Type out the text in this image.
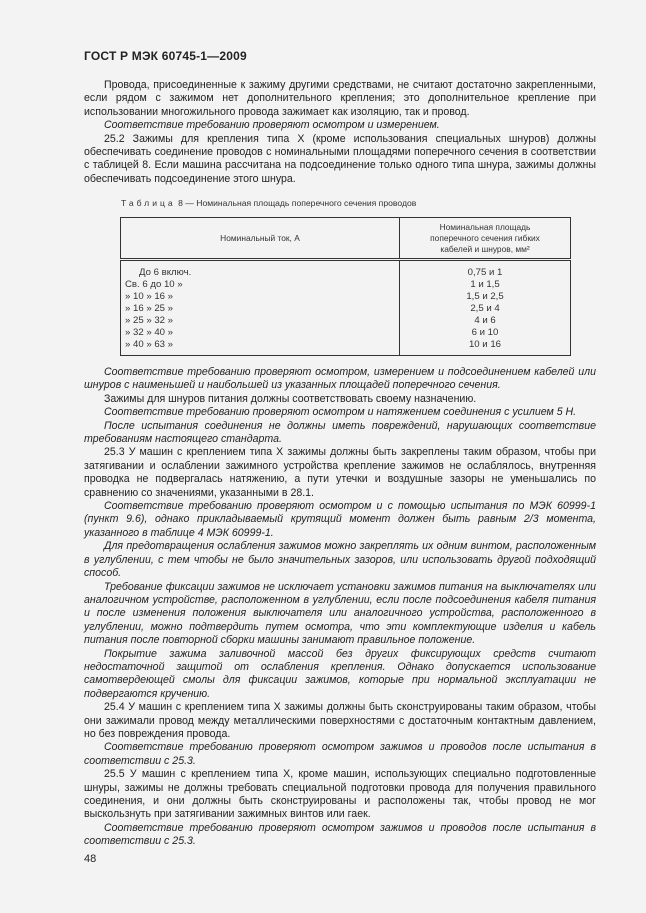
ГОСТ Р МЭК 60745-1—2009

Провода, присоединенные к зажиму другими средствами, не считают достаточно закрепленными, если рядом с зажимом нет дополнительного крепления; это дополнительное крепление при использовании многожильного провода зажимает как изоляцию, так и провод.

Соответствие требованию проверяют осмотром и измерением.

25.2 Зажимы для крепления типа X (кроме использования специальных шнуров) должны обеспечивать соединение проводов с номинальными площадями поперечного сечения в соответствии с таблицей 8. Если машина рассчитана на подсоединение только одного типа шнура, зажимы должны обеспечивать подсоединение этого шнура.

Таблица 8 — Номинальная площадь поперечного сечения проводов
Номинальный ток, А	Номинальная площадь поперечного сечения гибких кабелей и шнуров, мм²
До 6 включ.	0,75 и 1
Св. 6 до 10 »	1 и 1,5
» 10 » 16 »	1,5 и 2,5
» 16 » 25 »	2,5 и 4
» 25 » 32 »	4 и 6
» 32 » 40 »	6 и 10
» 40 » 63 »	10 и 16

Соответствие требованию проверяют осмотром, измерением и подсоединением кабелей или шнуров с наименьшей и наибольшей из указанных площадей поперечного сечения.

Зажимы для шнуров питания должны соответствовать своему назначению.

Соответствие требованию проверяют осмотром и натяжением соединения с усилием 5 Н.

После испытания соединения не должны иметь повреждений, нарушающих соответствие требованиям настоящего стандарта.

25.3 У машин с креплением типа X зажимы должны быть закреплены таким образом, чтобы при затягивании и ослаблении зажимного устройства крепление зажимов не ослаблялось, внутренняя проводка не подвергалась натяжению, а пути утечки и воздушные зазоры не уменьшались по сравнению со значениями, указанными в 28.1.

Соответствие требованию проверяют осмотром и с помощью испытания по МЭК 60999-1 (пункт 9.6), однако прикладываемый крутящий момент должен быть равным 2/3 момента, указанного в таблице 4 МЭК 60999-1.

Для предотвращения ослабления зажимов можно закреплять их одним винтом, расположенным в углублении, с тем чтобы не было значительных зазоров, или использовать другой подходящий способ.

Требование фиксации зажимов не исключает установки зажимов питания на выключателях или аналогичном устройстве, расположенном в углублении, если после подсоединения кабеля питания и после изменения положения выключателя или аналогичного устройства, расположенного в углублении, можно подтвердить путем осмотра, что эти комплектующие изделия и кабель питания после повторной сборки машины занимают правильное положение.

Покрытие зажима заливочной массой без других фиксирующих средств считают недостаточной защитой от ослабления крепления. Однако допускается использование самотвердеющей смолы для фиксации зажимов, которые при нормальной эксплуатации не подвергаются кручению.

25.4 У машин с креплением типа X зажимы должны быть сконструированы таким образом, чтобы они зажимали провод между металлическими поверхностями с достаточным контактным давлением, но без повреждения провода.

Соответствие требованию проверяют осмотром зажимов и проводов после испытания в соответствии с 25.3.

25.5 У машин с креплением типа X, кроме машин, использующих специально подготовленные шнуры, зажимы не должны требовать специальной подготовки провода для получения правильного соединения, и они должны быть сконструированы и расположены так, чтобы провод не мог выскользнуть при затягивании зажимных винтов или гаек.

Соответствие требованию проверяют осмотром зажимов и проводов после испытания в соответствии с 25.3.

48
